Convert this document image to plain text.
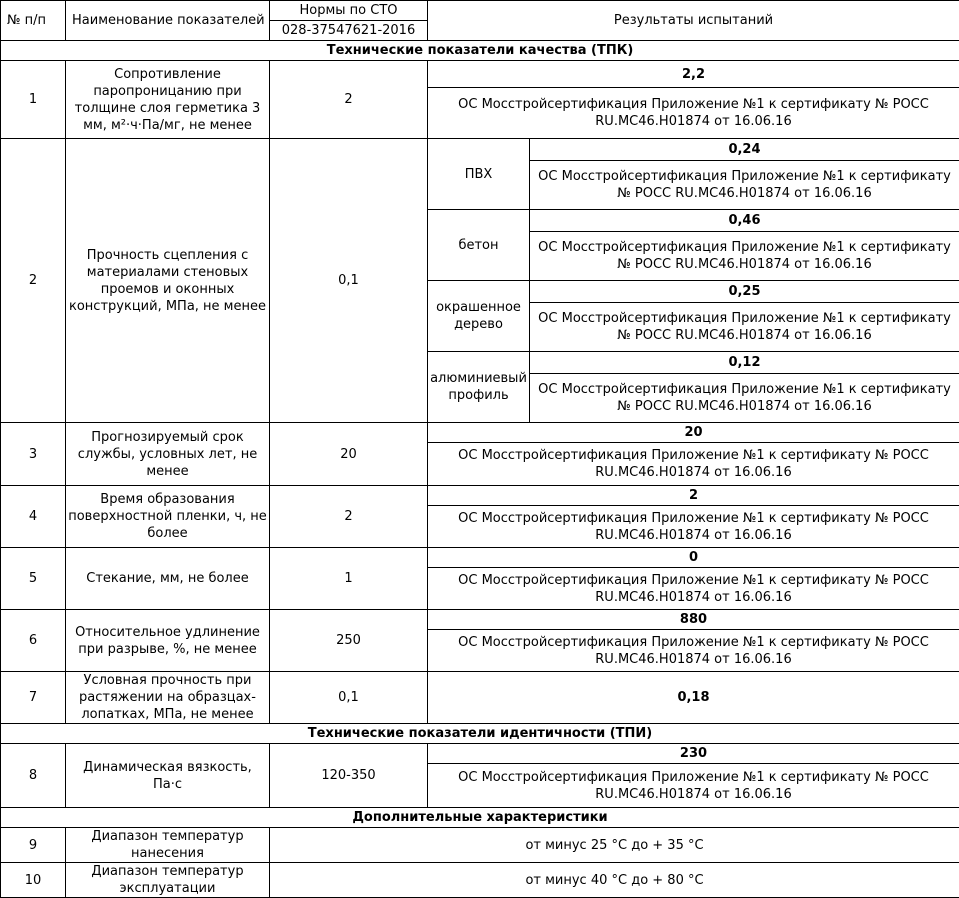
№ п/п	Наименование показателей	Нормы по СТО	Результаты испытаний	
		028-37547621-2016		
Технические показатели качества (ТПК)				
1	Сопротивление паропроницанию при толщине слоя герметика 3 мм, м²·ч·Па/мг, не менее	2	2,2	
			ОС Мосстройсертификация Приложение №1 к сертификату № РОСС RU.МС46.Н01874 от 16.06.16	
2	Прочность сцепления с материалами стеновых проемов и оконных конструкций, МПа, не менее	0,1	ПВХ	0,24
				ОС Мосстройсертификация Приложение №1 к сертификату № РОСС RU.МС46.Н01874 от 16.06.16
			бетон	0,46
				ОС Мосстройсертификация Приложение №1 к сертификату № РОСС RU.МС46.Н01874 от 16.06.16
			окрашенное дерево	0,25
				ОС Мосстройсертификация Приложение №1 к сертификату № РОСС RU.МС46.Н01874 от 16.06.16
			алюминиевый профиль	0,12
				ОС Мосстройсертификация Приложение №1 к сертификату № РОСС RU.МС46.Н01874 от 16.06.16
3	Прогнозируемый срок службы, условных лет, не менее	20	20	
			ОС Мосстройсертификация Приложение №1 к сертификату № РОСС RU.МС46.Н01874 от 16.06.16	
4	Время образования поверхностной пленки, ч, не более	2	2	
			ОС Мосстройсертификация Приложение №1 к сертификату № РОСС RU.МС46.Н01874 от 16.06.16	
5	Стекание, мм, не более	1	0	
			ОС Мосстройсертификация Приложение №1 к сертификату № РОСС RU.МС46.Н01874 от 16.06.16	
6	Относительное удлинение при разрыве, %, не менее	250	880	
			ОС Мосстройсертификация Приложение №1 к сертификату № РОСС RU.МС46.Н01874 от 16.06.16	
7	Условная прочность при растяжении на образцах-лопатках, МПа, не менее	0,1	0,18	
Технические показатели идентичности (ТПИ)				
8	Динамическая вязкость, Па·с	120-350	230	
			ОС Мосстройсертификация Приложение №1 к сертификату № РОСС RU.МС46.Н01874 от 16.06.16	
Дополнительные характеристики				
9	Диапазон температур нанесения	от минус 25 °С до + 35 °С		
10	Диапазон температур эксплуатации	от минус 40 °С до + 80 °С		
